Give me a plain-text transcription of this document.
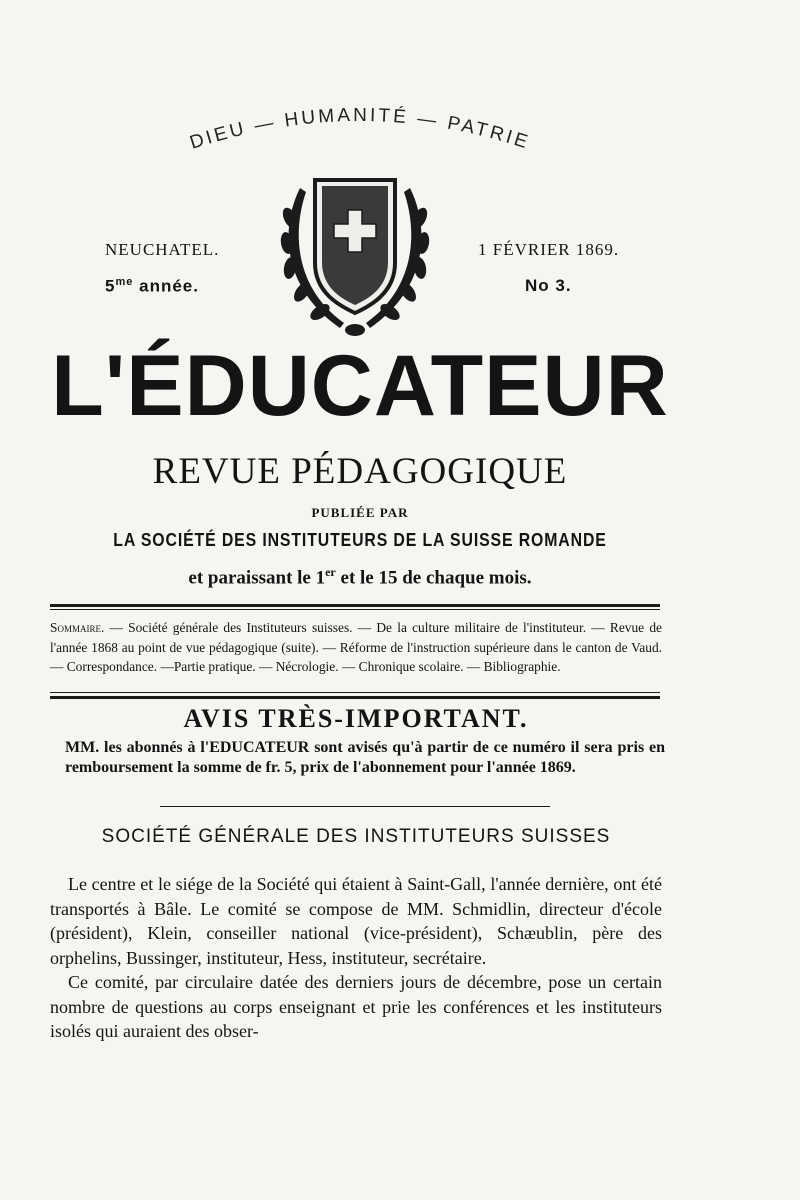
DIEU — HUMANITÉ — PATRIE
NEUCHATEL.	1 FÉVRIER 1869.
$5^{me}$ année.	No 3.
L'ÉDUCATEUR
REVUE PÉDAGOGIQUE
PUBLIÉE PAR
LA SOCIÉTÉ DES INSTITUTEURS DE LA SUISSE ROMANDE
et paraissant le 1er et le 15 de chaque mois.
Sommaire. — Société générale des Instituteurs suisses. — De la culture militaire de l'instituteur. — Revue de l'année 1868 au point de vue pédagogique (suite). — Réforme de l'instruction supérieure dans le canton de Vaud. — Correspondance. —Partie pratique. — Nécrologie. — Chronique scolaire. — Bibliographie.
AVIS TRÈS-IMPORTANT.
MM. les abonnés à l'EDUCATEUR sont avisés qu'à partir de ce numéro il sera pris en remboursement la somme de fr. 5, prix de l'abonnement pour l'année 1869.
SOCIÉTÉ GÉNÉRALE DES INSTITUTEURS SUISSES

Le centre et le siége de la Société qui étaient à Saint-Gall, l'année dernière, ont été transportés à Bâle. Le comité se compose de MM. Schmidlin, directeur d'école (président), Klein, conseiller national (vice-président), Schæublin, père des orphelins, Bussinger, instituteur, Hess, instituteur, secrétaire.

Ce comité, par circulaire datée des derniers jours de décembre, pose un certain nombre de questions au corps enseignant et prie les conférences et les instituteurs isolés qui auraient des obser-
